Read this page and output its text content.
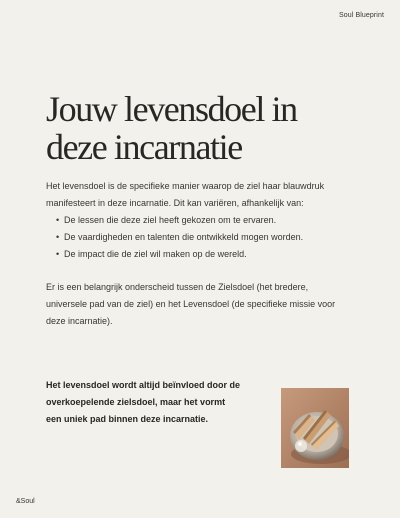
Soul Blueprint
Jouw levensdoel in
deze incarnatie

Het levensdoel is de specifieke manier waarop de ziel haar blauwdruk manifesteert in deze incarnatie. Dit kan variëren, afhankelijk van:

• De lessen die deze ziel heeft gekozen om te ervaren.
• De vaardigheden en talenten die ontwikkeld mogen worden.
• De impact die de ziel wil maken op de wereld.

Er is een belangrijk onderscheid tussen de Zielsdoel (het bredere, universele pad van de ziel) en het Levensdoel (de specifieke missie voor deze incarnatie).

Het levensdoel wordt altijd beïnvloed door de
overkoepelende zielsdoel, maar het vormt
een uniek pad binnen deze incarnatie.
&Soul
